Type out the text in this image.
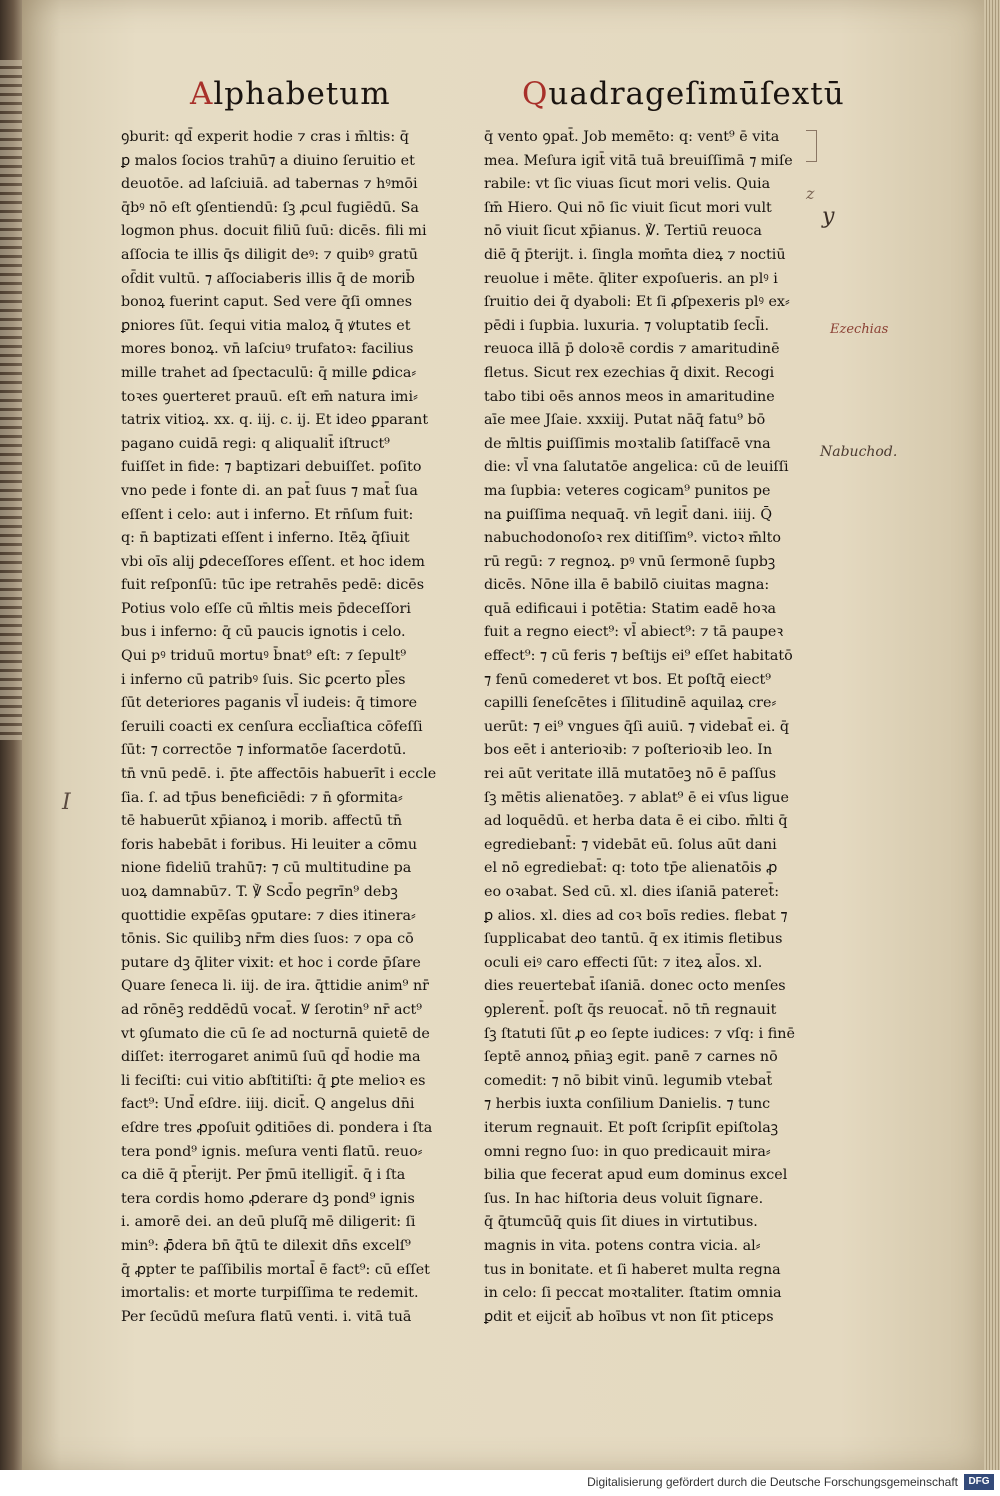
Alphabetum	Quadrageſimūſextū
ꝯburit: qd̄ experit hodie ⁊ cras i m̄ltis: q̄
ꝑ malos ſocios trahū⁊ a diuino ſeruitio et
deuotōe. ad laſciuiā. ad tabernas ⁊ hꝰmōi
q̄bꝰ nō eſt ꝯſentiendū: ſꝫ ꝓcul fugiēdū. Sa
logmon phus. docuit filiū ſuū: dicēs. fili mi
aſſocia te illis q̄s diligit deꝰ: ⁊ quibꝰ gratū
oſ̄dit vultū. ⁊ aſſociaberis illis q̄ de morib̄
bonoꝝ fuerint caput. Sed vere q̄ſi omnes
ꝑniores ſūt. ſequi vitia maloꝝ q̄ ꝟtutes et
mores bonoꝝ. vn̄ laſciuꝰ trufatoꝛ: facilius
mille trahet ad ſpectaculū: q̄ mille ꝑdica⸗
toꝛes ꝯuerteret prauū. eſt em̄ natura imi⸗
tatrix vitioꝝ. xx. q. iij. c. ij. Et ideo ꝑparant
pagano cuidā regi: q aliqualit̄ iſtruct⁹
fuiſſet in fide: ⁊ baptizari debuiſſet. poſito
vno pede i fonte di. an pat̄ ſuus ⁊ mat̄ ſua
eſſent i celo: aut i inferno. Et rn̄ſum fuit:
q: n̄ baptizati eſſent i inferno. Itēꝝ q̄ſiuit
vbi oīs alij ꝑdeceſſores eſſent. et hoc idem
fuit reſponſū: tūc ipe retrahēs pedē: dicēs
Potius volo eſſe cū m̄ltis meis p̄deceſſori
bus i inferno: q̄ cū paucis ignotis i celo.
Qui pꝰ triduū mortuꝰ b̄nat⁹ eſt: ⁊ ſepult⁹
i inferno cū patribꝰ ſuis. Sic ꝑcerto pl̄es
ſūt deteriores paganis vl̄ iudeis: q̄ timore
ſeruili coacti ex cenſura eccl̄iaſtica cōfeſſi
ſūt: ⁊ correctōe ⁊ informatōe ſacerdotū.
tn̄ vnū pedē. i. p̄te affectōis habuerīt i eccle
ſia. ſ. ad tp̄us beneficiēdi: ⁊ n̄ ꝯformita⸗
tē habuerūt xp̄ianoꝝ i morib. affectū tn̄
foris habebāt i foribus. Hi leuiter a cōmu
nione fideliū trahū⁊: ⁊ cū multitudine pa
uoꝝ damnabū⁊. T. ℣ Scd̄o pegrīn⁹ debꝫ
quottidie expēſas ꝯputare: ⁊ dies itinera⸗
tōnis. Sic quilibꝫ nr̄m dies ſuos: ⁊ opa cō
putare dꝫ q̄liter vixit: et hoc i corde p̄ſare
Quare ſeneca li. iij. de ira. q̄ttidie anim⁹ nr̄
ad rōnēꝫ reddēdū vocat̄. Ꝟ ſerotin⁹ nr̄ act⁹
vt ꝯſumato die cū ſe ad nocturnā quietē de
diſſet: iterrogaret animū ſuū qd̄ hodie ma
li feciſti: cui vitio abſtitiſti: q̄ ꝑte melioꝛ es
fact⁹: Und̄ eſdre. iiij. dicit̄. Q angelus dn̄i
eſdre tres ꝓpoſuit ꝯditiōes di. pondera i ſta
tera pond⁹ ignis. meſura venti flatū. reuo⸗
ca diē q̄ pt̄erijt. Per p̄mū itelligit̄. q̄ i ſta
tera cordis homo ꝓderare dꝫ pond⁹ ignis
i. amorē dei. an deū pluſq̄ mē diligerit: ſi
min⁹: ꝓ̄dera bn̄ q̄tū te dilexit dn̄s excelſ⁹
q̄ ꝓpter te paſſibilis mortal̄ ē fact⁹: cū eſſet
imortalis: et morte turpiſſima te redemit.
Per ſecūdū meſura flatū venti. i. vitā tuā
q̄ vento ꝯpat̄. Job memēto: q: vent⁹ ē vita
mea. Meſura igit̄ vitā tuā breuiſſimā ⁊ miſe
rabile: vt ſic viuas ſicut mori velis. Quia
ſm̄ Hiero. Qui nō ſic viuit ſicut mori vult
nō viuit ſicut xp̄ianus. ℣. Tertiū reuoca
diē q̄ p̄terijt. i. ſingla mom̄ta dieꝝ ⁊ noctiū
reuolue i mēte. q̄liter expoſueris. an plꝰ i
ſruitio dei q̄ dyaboli: Et ſi ꝓſpexeris plꝰ ex⸗
pēdi i ſupbia. luxuria. ⁊ voluptatib ſecl̄i.
reuoca illā p̄ doloꝛē cordis ⁊ amaritudinē
fletus. Sicut rex ezechias q̄ dixit. Recogi
tabo tibi oēs annos meos in amaritudine
aīe mee Jſaie. xxxiij. Putat nāq̄ fatu⁹ bō
de m̄ltis ꝑuiſſimis moꝛtalib ſatiſfacē vna
die: vl̄ vna ſalutatōe angelica: cū de leuiſſi
ma ſupbia: veteres cogicam⁹ punitos pe
na ꝑuiſſima nequaq̄. vn̄ legit̄ dani. iiij. Q̄
nabuchodonoſoꝛ rex ditiſſim⁹. victoꝛ m̄lto
rū regū: ⁊ regnoꝝ. pꝰ vnū ſermonē ſupbꝫ
dicēs. Nōne illa ē babilō ciuitas magna:
quā edificaui i potētia: Statim eadē hoꝛa
fuit a regno eiect⁹: vl̄ abiect⁹: ⁊ tā paupeꝛ
effect⁹: ⁊ cū feris ⁊ beſtijs ei⁹ eſſet habitatō
⁊ fenū comederet vt bos. Et poſtq̄ eiect⁹
capilli ſeneſcētes i ſīlitudinē aquilaꝝ cre⸗
uerūt: ⁊ ei⁹ vngues q̄ſi auiū. ⁊ videbat̄ ei. q̄
bos eēt i anterioꝛib: ⁊ poſterioꝛib leo. In
rei aūt veritate illā mutatōeꝫ nō ē paſſus
ſꝫ mētis alienatōeꝫ. ⁊ ablat⁹ ē ei vſus ligue
ad loquēdū. et herba data ē ei cibo. m̄lti q̄
egrediebant̄: ⁊ videbāt eū. ſolus aūt dani
el nō egrediebat̄: q: toto tp̄e alienatōis ꝓ
eo oꝛabat. Sed cū. xl. dies iſaniā pateret̄:
ꝑ alios. xl. dies ad coꝛ boīs redies. flebat ⁊
ſupplicabat deo tantū. q̄ ex itimis fletibus
oculi eiꝰ caro effecti ſūt: ⁊ iteꝝ al̄os. xl.
dies reuertebat̄ iſaniā. donec octo menſes
ꝯplerent̄. poſt q̄s reuocat̄. nō tn̄ regnauit
ſꝫ ſtatuti ſūt ꝓ eo ſepte iudices: ⁊ vſq: i finē
ſeptē annoꝝ pn̄iaꝫ egit. panē ⁊ carnes nō
comedit: ⁊ nō bibit vinū. legumib vtebat̄
⁊ herbis iuxta conſilium Danielis. ⁊ tunc
iterum regnauit. Et poſt ſcripſit epiſtolaꝫ
omni regno ſuo: in quo predicauit mira⸗
bilia que fecerat apud eum dominus excel
ſus. In hac hiſtoria deus voluit ſignare.
q̄ q̄tumcūq̄ quis ſit diues in virtutibus.
magnis in vita. potens contra vicia. al⸗
tus in bonitate. et ſi haberet multa regna
in celo: ſi peccat moꝛtaliter. ſtatim omnia
ꝑdit et eijcit̄ ab hoībus vt non ſit pticeps
z
y
Ezechias
Nabuchod.
I
Digitalisierung gefördert durch die Deutsche Forschungsgemeinschaft	DFG
